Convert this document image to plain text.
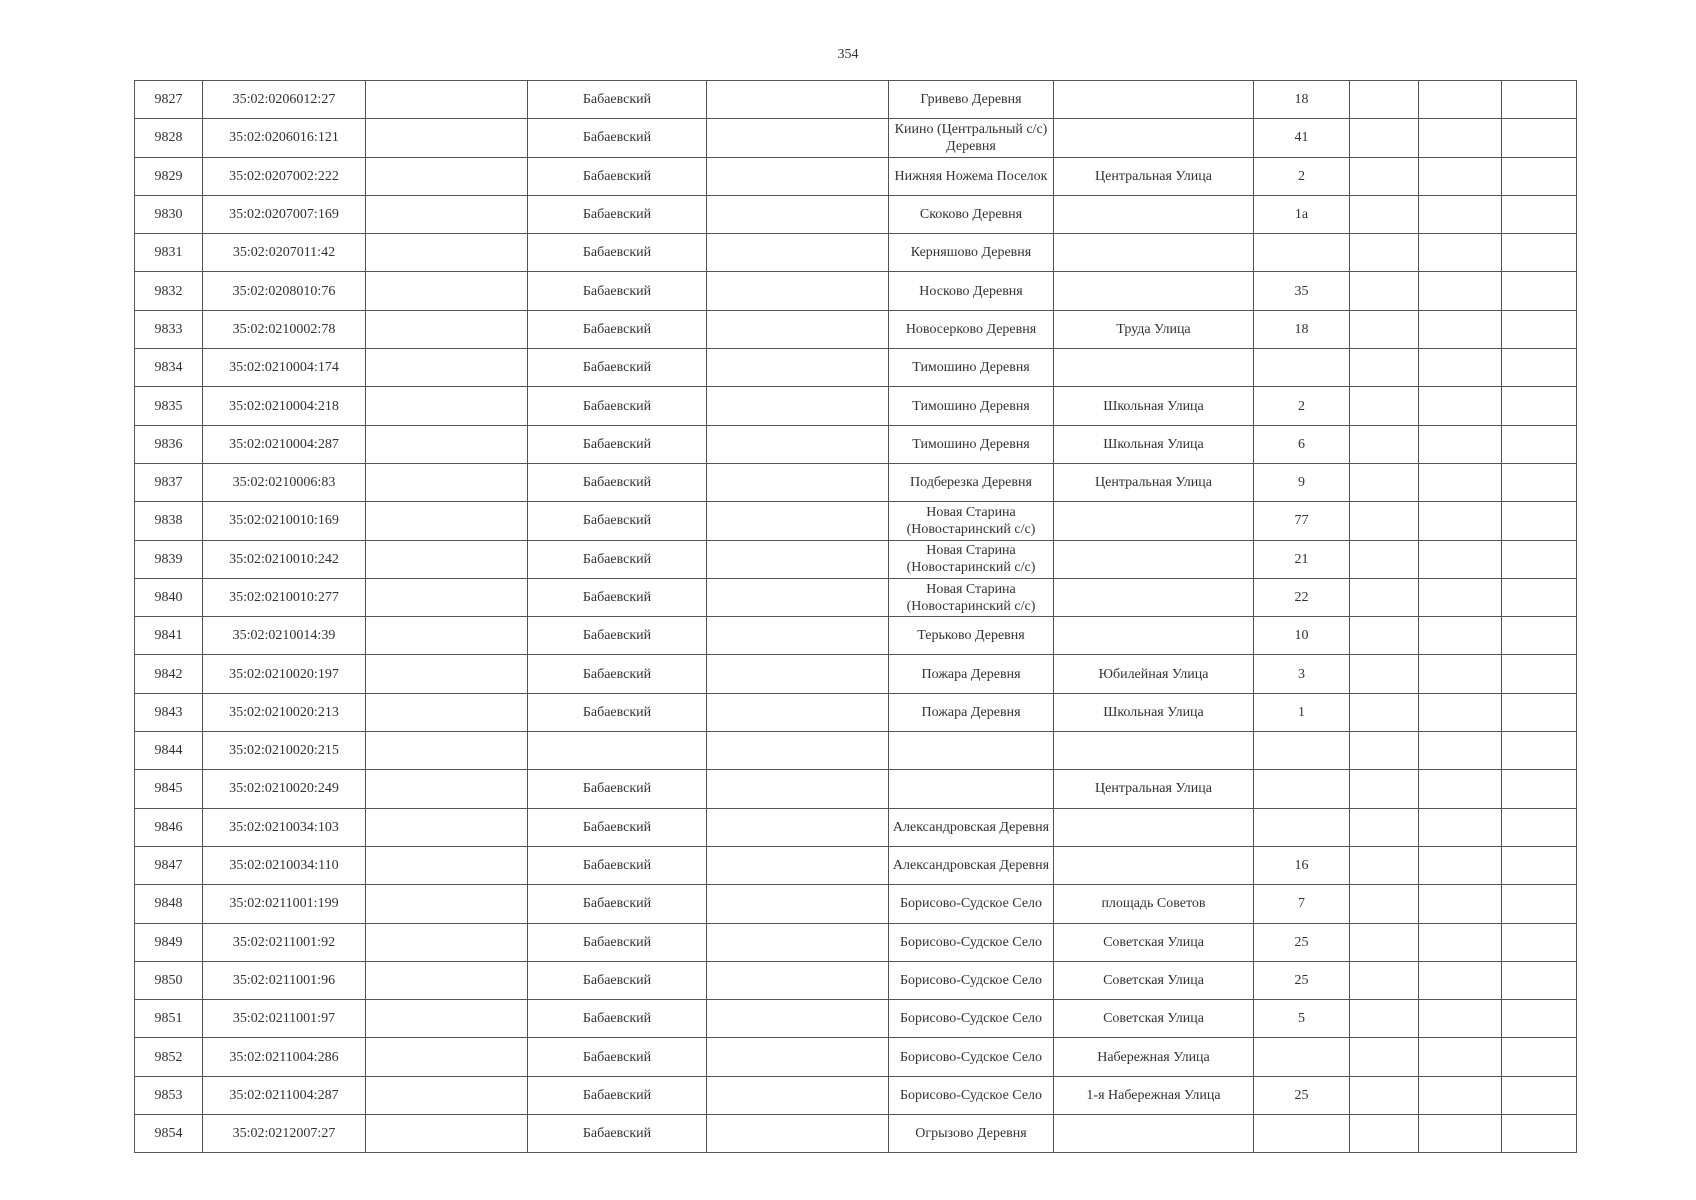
354
9827	35:02:0206012:27		Бабаевский		Гривево Деревня		18			
9828	35:02:0206016:121		Бабаевский		Киино (Центральный с/с) Деревня		41			
9829	35:02:0207002:222		Бабаевский		Нижняя Ножема Поселок	Центральная Улица	2			
9830	35:02:0207007:169		Бабаевский		Скоково Деревня		1а			
9831	35:02:0207011:42		Бабаевский		Керняшово Деревня					
9832	35:02:0208010:76		Бабаевский		Носково Деревня		35			
9833	35:02:0210002:78		Бабаевский		Новосерково Деревня	Труда Улица	18			
9834	35:02:0210004:174		Бабаевский		Тимошино Деревня					
9835	35:02:0210004:218		Бабаевский		Тимошино Деревня	Школьная Улица	2			
9836	35:02:0210004:287		Бабаевский		Тимошино Деревня	Школьная Улица	6			
9837	35:02:0210006:83		Бабаевский		Подберезка Деревня	Центральная Улица	9			
9838	35:02:0210010:169		Бабаевский		Новая Старина (Новостаринский с/с)		77			
9839	35:02:0210010:242		Бабаевский		Новая Старина (Новостаринский с/с)		21			
9840	35:02:0210010:277		Бабаевский		Новая Старина (Новостаринский с/с)		22			
9841	35:02:0210014:39		Бабаевский		Терьково Деревня		10			
9842	35:02:0210020:197		Бабаевский		Пожара Деревня	Юбилейная Улица	3			
9843	35:02:0210020:213		Бабаевский		Пожара Деревня	Школьная Улица	1			
9844	35:02:0210020:215									
9845	35:02:0210020:249		Бабаевский			Центральная Улица				
9846	35:02:0210034:103		Бабаевский		Александровская Деревня					
9847	35:02:0210034:110		Бабаевский		Александровская Деревня		16			
9848	35:02:0211001:199		Бабаевский		Борисово-Судское Село	площадь Советов	7			
9849	35:02:0211001:92		Бабаевский		Борисово-Судское Село	Советская Улица	25			
9850	35:02:0211001:96		Бабаевский		Борисово-Судское Село	Советская Улица	25			
9851	35:02:0211001:97		Бабаевский		Борисово-Судское Село	Советская Улица	5			
9852	35:02:0211004:286		Бабаевский		Борисово-Судское Село	Набережная Улица				
9853	35:02:0211004:287		Бабаевский		Борисово-Судское Село	1-я Набережная Улица	25			
9854	35:02:0212007:27		Бабаевский		Огрызово Деревня					
